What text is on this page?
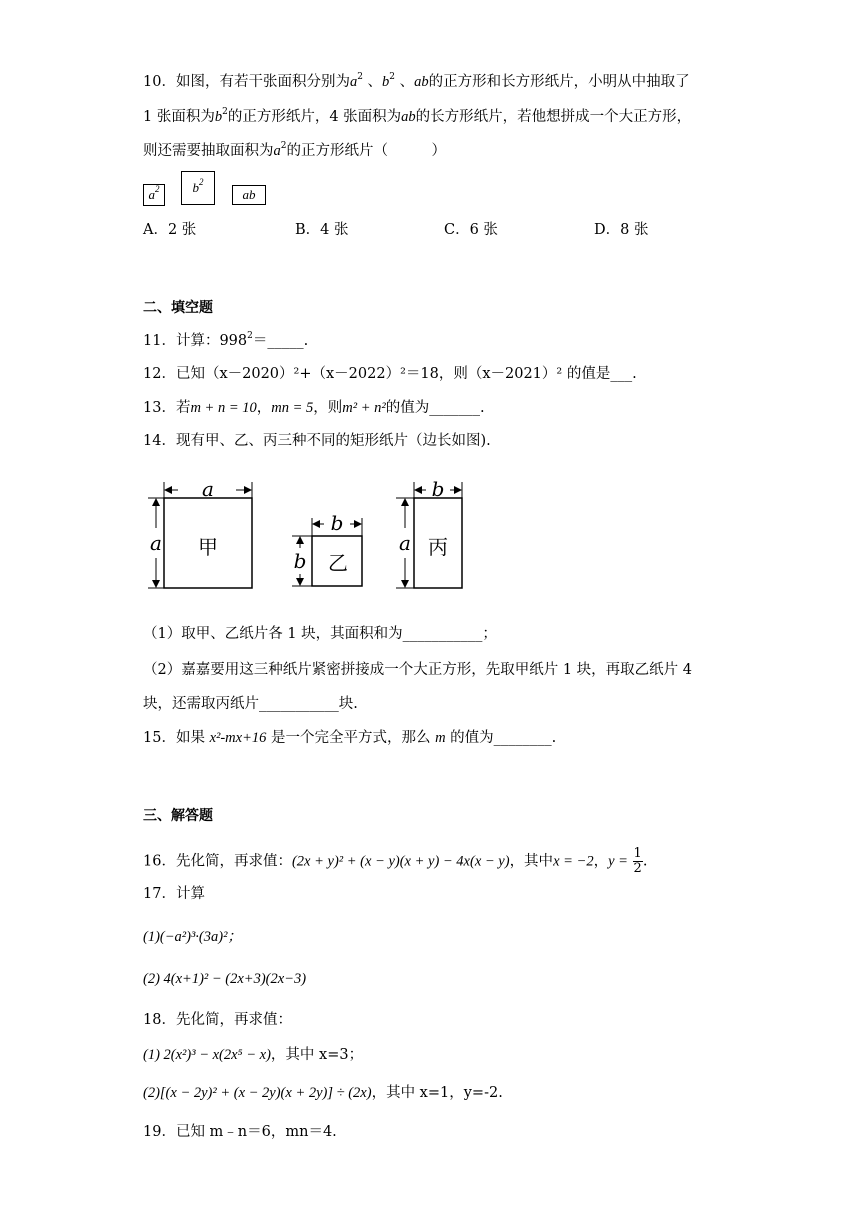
10．如图，有若干张面积分别为$a^2$ 、$b^2$ 、ab的正方形和长方形纸片，小明从中抽取了
1 张面积为$b^2$的正方形纸片，4 张面积为ab的长方形纸片，若他想拼成一个大正方形，
则还需要抽取面积为$a^2$的正方形纸片（　　　）
$a^2$	$b^2$
ab
A．2 张	B．4 张	C．6 张	D．8 张
二、填空题
11．计算：$998^2=\_\_\_\_\_$.
12．已知（x－2020）²+（x－2022）²＝18，则（x－2021）² 的值是___.
13．若m + n = 10，mn = 5，则m² + n²的值为_______.
14．现有甲、乙、丙三种不同的矩形纸片（边长如图).
a
a 甲
b
b 乙
b
a 丙
（1）取甲、乙纸片各 1 块，其面积和为___________；
（2）嘉嘉要用这三种纸片紧密拼接成一个大正方形，先取甲纸片 1 块，再取乙纸片 4
块，还需取丙纸片___________块.
15．如果 x²-mx+16 是一个完全平方式，那么 m 的值为________.
三、解答题
16．先化简，再求值：(2x + y)² + (x − y)(x + y) − 4x(x − y)，其中x = −2，$y = \frac{1}{2}$ .
17．计算
(1)(−a²)³·(3a)²；
(2) 4(x+1)² − (2x+3)(2x−3)
18．先化简，再求值：
(1) 2(x²)³ − x(2x⁵ − x)，其中 x=3；
(2)[(x − 2y)² + (x − 2y)(x + 2y)] ÷ (2x)，其中 x=1，y=-2.
19．已知 m﹣n＝6，mn＝4.
